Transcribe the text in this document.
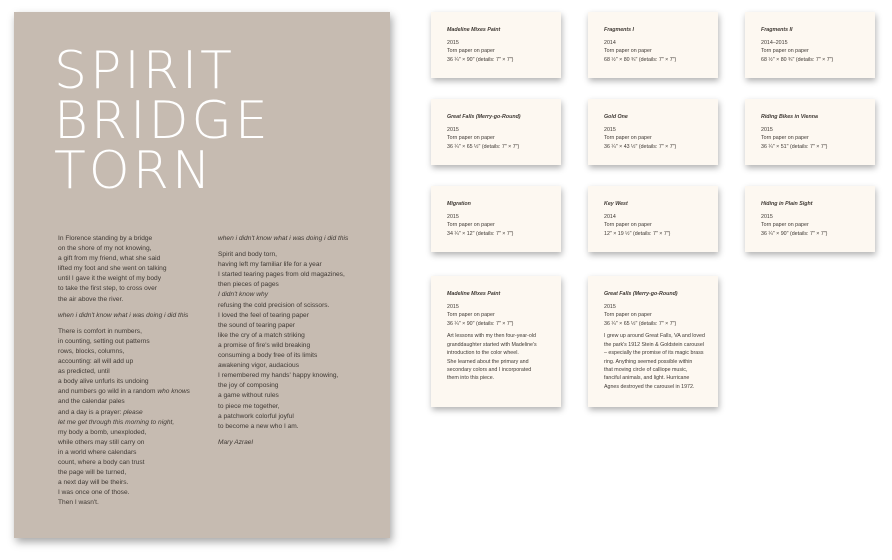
SPIRIT
BRIDGE
TORN
In Florence standing by a bridge
on the shore of my not knowing,
a gift from my friend, what she said
lifted my foot and she went on talking
until I gave it the weight of my body
to take the first step, to cross over
the air above the river.
when i didn't know what i was doing i did this
There is comfort in numbers,
in counting, setting out patterns
rows, blocks, columns,
accounting: all will add up
as predicted, until
a body alive unfurls its undoing
and numbers go wild in a random who knows
and the calendar pales
and a day is a prayer: please
let me get through this morning to night,
my body a bomb, unexploded,
while others may still carry on
in a world where calendars
count, where a body can trust
the page will be turned,
a next day will be theirs.
I was once one of those.
Then I wasn't.
when i didn't know what i was doing i did this
Spirit and body torn,
having left my familiar life for a year
I started tearing pages from old magazines,
then pieces of pages
I didn't know why
refusing the cold precision of scissors.
I loved the feel of tearing paper
the sound of tearing paper
like the cry of a match striking
a promise of fire's wild breaking
consuming a body free of its limits
awakening vigor, audacious
I remembered my hands' happy knowing,
the joy of composing
a game without rules
to piece me together,
a patchwork colorful joyful
to become a new who I am.
Mary Azrael
Madeline Mixes Paint
2015
Torn paper on paper
36 ¼" × 90" (details: 7" × 7")
Fragments I
2014
Torn paper on paper
68 ½" × 80 ¾" (details: 7" × 7")
Fragments II
2014–2015
Torn paper on paper
68 ½" × 80 ¾" (details: 7" × 7")
Great Falls (Merry-go-Round)
2015
Torn paper on paper
36 ¼" × 65 ½" (details: 7" × 7")
Gold One
2015
Torn paper on paper
36 ¼" × 43 ½" (details: 7" × 7")
Riding Bikes in Vienna
2015
Torn paper on paper
36 ¼" × 51" (details: 7" × 7")
Migration
2015
Torn paper on paper
34 ¼" × 12" (details: 7" × 7")
Key West
2014
Torn paper on paper
12" × 19 ½" (details: 7" × 7")
Hiding in Plain Sight
2015
Torn paper on paper
36 ¼" × 90" (details: 7" × 7")
Madeline Mixes Paint
2015
Torn paper on paper
36 ¼" × 90" (details: 7" × 7")
Art lessons with my then four-year-old
granddaughter started with Madeline's
introduction to the color wheel.
She learned about the primary and
secondary colors and I incorporated
them into this piece.
Great Falls (Merry-go-Round)
2015
Torn paper on paper
36 ¼" × 65 ½" (details: 7" × 7")
I grew up around Great Falls, VA and loved
the park's 1912 Stein & Goldstein carousel
– especially the promise of its magic brass
ring. Anything seemed possible within
that moving circle of calliope music,
fanciful animals, and light. Hurricane
Agnes destroyed the carousel in 1972.
